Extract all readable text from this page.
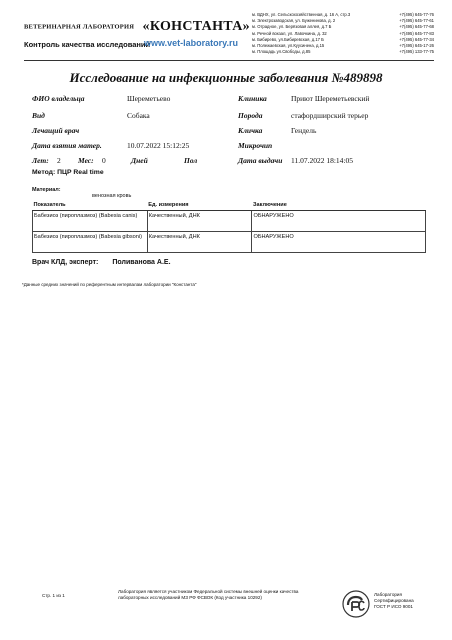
ВЕТЕРИНАРНАЯ ЛАБОРАТОРИЯ «КОНСТАНТА»
Контроль качества исследований
www.vet-laboratory.ru
м. ВДНХ, ул. Сельскохозяйственная, д. 16 А, стр.3	+7(495) 645-77-76
м. Электрозаводская, ул. Буженинова, д. 2	+7(495) 645-77-61
м. Отрадное, ул. Берёзовая аллея, д.7 Б	+7(495) 645-77-68
м. Речной вокзал, ул. Лавочкина, д. 32	+7(495) 645-77-83
м. Бибирево, ул.Бибиревская, д.17 Б	+7(495) 645-77-34
м. Полежаевская, ул.Куусинена, д.15	+7(495) 645-17-26
м. Площадь ул.Свободы, д.85	+7(495) 133-77-75
Исследование на инфекционные заболевания №489898
ФИО владельца	Шереметьево	Клиника	Приют Шереметьевский
Вид	Собака	Порода	стафордширский терьер
Лечащий врач	Кличка	Гендель
Дата взятия матер.	10.07.2022 15:12:25	Микрочип
Лет: 2 Мес: 0	Дней	Пол	Дата выдачи 11.07.2022 18:14:05
Метод: ПЦР Real time
Материал:
венозная кровь
Показатель	Ед. измерения	Заключение
Бабезиоз (пироплазмоз) (Babesia canis)	Качественный, ДНК	ОБНАРУЖЕНО
Бабезиоз (пироплазмоз) (Babesia gibsoni)	Качественный, ДНК	ОБНАРУЖЕНО
Врач КЛД, эксперт: Поливанова А.Е.
*Данные средних значений по референтным интервалам лаборатории "Константа"
Стр. 1 из 1
Лаборатория является участником Федеральной системы внешней оценки качества
лабораторных исследований МЗ РФ ФСВОК (Код участника 10292)
Лаборатория
Сертифицирована
ГОСТ Р ИСО 9001
